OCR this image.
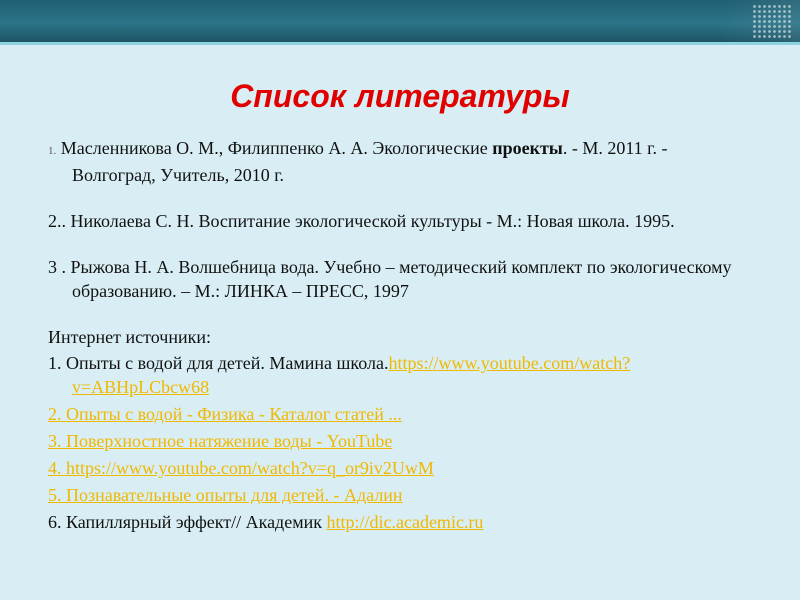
Список литературы

1. Масленникова О. М., Филиппенко А. А. Экологические проекты. - М. 2011 г. - Волгоград, Учитель, 2010 г.

2.. Николаева С. Н. Воспитание экологической культуры - М.: Новая школа. 1995.

3 . Рыжова Н. А. Волшебница вода. Учебно – методический комплект по экологическому образованию. – М.: ЛИНКА – ПРЕСС, 1997

Интернет источники:

1. Опыты с водой для детей. Мамина школа.https://www.youtube.com/watch?v=ABHpLCbcw68

2. Опыты с водой - Физика - Каталог статей ...

3. Поверхностное натяжение воды - YouTube

4. https://www.youtube.com/watch?v=q_or9iv2UwM

5. Познавательные опыты для детей. - Адалин

6. Капиллярный эффект// Академик http://dic.academic.ru
